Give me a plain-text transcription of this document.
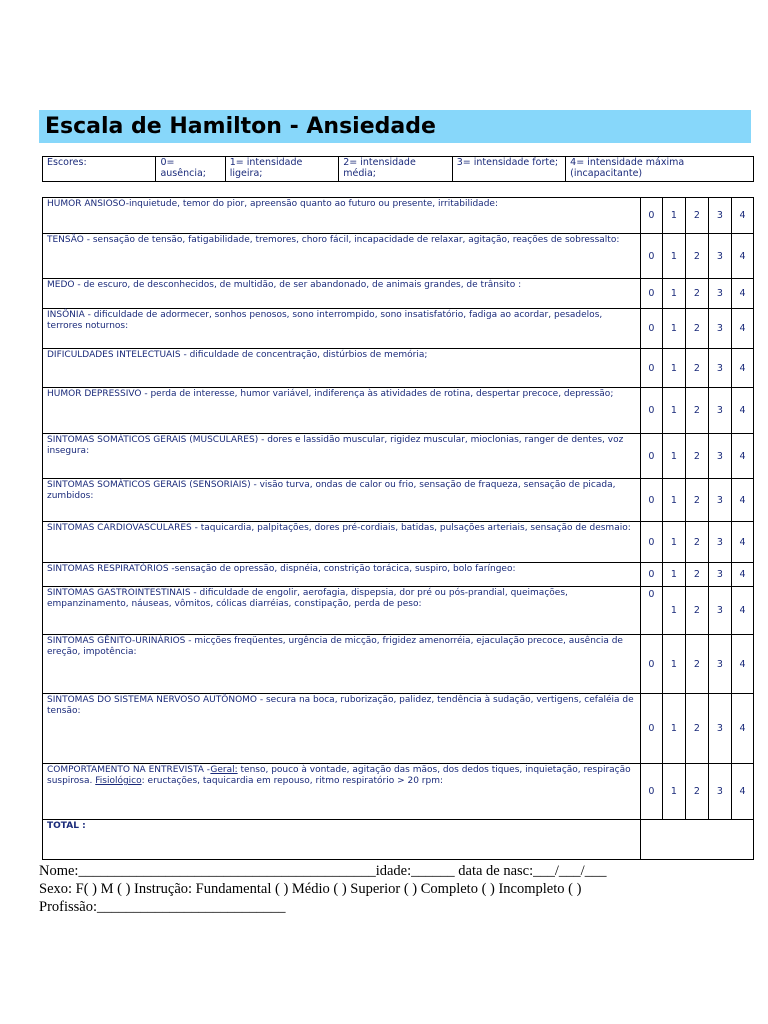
Escala de Hamilton - Ansiedade
Escores:	0= ausência;	1= intensidade ligeira;	2= intensidade média;	3= intensidade forte;	4= intensidade máxima (incapacitante)
HUMOR ANSIOSO-inquietude, temor do pior, apreensão quanto ao futuro ou presente, irritabilidade:	0	1	2	3	4
TENSÃO - sensação de tensão, fatigabilidade, tremores, choro fácil, incapacidade de relaxar, agitação, reações de sobressalto:	0	1	2	3	4
MEDO - de escuro, de desconhecidos, de multidão, de ser abandonado, de animais grandes, de trânsito :	0	1	2	3	4
INSÔNIA - dificuldade de adormecer, sonhos penosos, sono interrompido, sono insatisfatório, fadiga ao acordar, pesadelos, terrores noturnos:	0	1	2	3	4
DIFICULDADES INTELECTUAIS - dificuldade de concentração, distúrbios de memória;	0	1	2	3	4
HUMOR DEPRESSIVO - perda de interesse, humor variável, indiferença às atividades de rotina, despertar precoce, depressão;	0	1	2	3	4
SINTOMAS SOMÁTICOS GERAIS (MUSCULARES) - dores e lassidão muscular, rigidez muscular, mioclonias, ranger de dentes, voz insegura:	0	1	2	3	4
SINTOMAS SOMÁTICOS GERAIS (SENSORIAIS) - visão turva, ondas de calor ou frio, sensação de fraqueza, sensação de picada, zumbidos:	0	1	2	3	4
SINTOMAS CARDIOVASCULARES - taquicardia, palpitações, dores pré-cordiais, batidas, pulsações arteriais, sensação de desmaio:	0	1	2	3	4
SINTOMAS RESPIRATÓRIOS -sensação de opressão, dispnéia, constrição torácica, suspiro, bolo faríngeo:	0	1	2	3	4
SINTOMAS GASTROINTESTINAIS - dificuldade de engolir, aerofagia, dispepsia, dor pré ou pós-prandial, queimações, empanzinamento, náuseas, vômitos, cólicas diarréias, constipação, perda de peso:	0	1	2	3	4
SINTOMAS GÊNITO-URINÁRIOS - micções freqüentes, urgência de micção, frigidez amenorréia, ejaculação precoce, ausência de ereção, impotência:	0	1	2	3	4
SINTOMAS DO SISTEMA NERVOSO AUTÔNOMO - secura na boca, ruborização, palidez, tendência à sudação, vertigens, cefaléia de tensão:	0	1	2	3	4
COMPORTAMENTO NA ENTREVISTA -Geral: tenso, pouco à vontade, agitação das mãos, dos dedos tiques, inquietação, respiração suspirosa. Fisiológico: eructações, taquicardia em repouso, ritmo respiratório > 20 rpm:	0	1	2	3	4
TOTAL :					
Nome:_________________________________________idade:______ data de nasc:___/___/___
Sexo: F( ) M ( ) Instrução: Fundamental ( ) Médio ( ) Superior ( ) Completo ( ) Incompleto ( )
Profissão:__________________________
